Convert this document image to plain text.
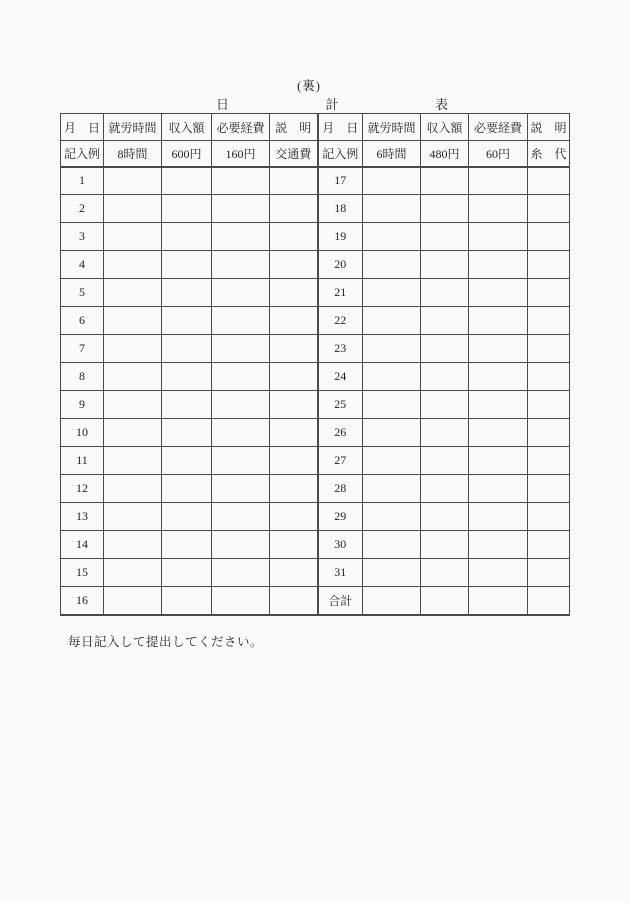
(裏)
日	計	表
月　日	就労時間	収入額	必要経費	説　明	月　日	就労時間	収入額	必要経費	説　明
記入例	8時間	600円	160円	交通費	記入例	6時間	480円	60円	糸　代
1					17				
2					18				
3					19				
4					20				
5					21				
6					22				
7					23				
8					24				
9					25				
10					26				
11					27				
12					28				
13					29				
14					30				
15					31				
16					合計				
毎日記入して提出してください。
